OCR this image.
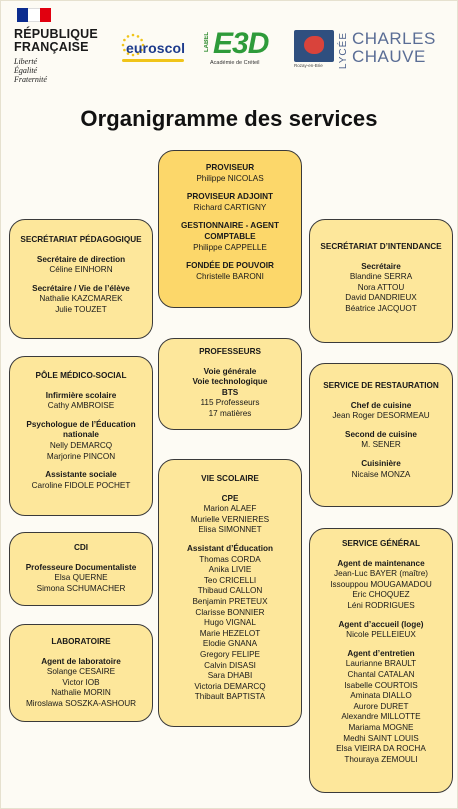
RÉPUBLIQUE
FRANÇAISE
Liberté
Égalité
Fraternité
euroscol	LABEL E3D
Académie de Créteil	Rozay-en-Brie LYCÉE CHARLES
CHAUVE
Organigramme des services
PROVISEUR
Philippe NICOLAS
PROVISEUR ADJOINT
Richard CARTIGNY
GESTIONNAIRE - AGENT COMPTABLE
Philippe CAPPELLE
FONDÉE DE POUVOIR
Christelle BARONI
SECRÉTARIAT PÉDAGOGIQUE
Secrétaire de direction
Céline EINHORN
Secrétaire / Vie de l’élève
Nathalie KAZCMAREK
Julie TOUZET
SECRÉTARIAT D’INTENDANCE
Secrétaire
Blandine SERRA
Nora ATTOU
David DANDRIEUX
Béatrice JACQUOT
PROFESSEURS
Voie générale
Voie technologique
BTS
115 Professeurs
17 matières
PÔLE MÉDICO-SOCIAL
Infirmière scolaire
Cathy AMBROISE
Psychologue de l’Éducation nationale
Nelly DEMARCQ
Marjorine PINCON
Assistante sociale
Caroline FIDOLE POCHET
SERVICE DE RESTAURATION
Chef de cuisine
Jean Roger DESORMEAU
Second de cuisine
M. SENER
Cuisinière
Nicaise MONZA
VIE SCOLAIRE
CPE
Marion ALAEF
Murielle VERNIERES
Elisa SIMONNET
Assistant d’Éducation
Thomas CORDA
Anika LIVIE
Teo CRICELLI
Thibaud CALLON
Benjamin PRETEUX
Clarisse BONNIER
Hugo VIGNAL
Marie HEZELOT
Elodie GNANA
Gregory FELIPE
Calvin DISASI
Sara DHABI
Victoria DEMARCQ
Thibault BAPTISTA
CDI
Professeure Documentaliste
Elsa QUERNE
Simona SCHUMACHER
SERVICE GÉNÉRAL
Agent de maintenance
Jean-Luc BAYER (maître)
Issouppou MOUGAMADOU
Eric CHOQUEZ
Léni RODRIGUES
Agent d’accueil (loge)
Nicole PELLEIEUX
Agent d’entretien
Laurianne BRAULT
Chantal CATALAN
Isabelle COURTOIS
Aminata DIALLO
Aurore DURET
Alexandre MILLOTTE
Mariama MOGNE
Medhi SAINT LOUIS
Elsa VIEIRA DA ROCHA
Thouraya ZEMOULI
LABORATOIRE
Agent de laboratoire
Solange CESAIRE
Victor IOB
Nathalie MORIN
Miroslawa SOSZKA-ASHOUR
